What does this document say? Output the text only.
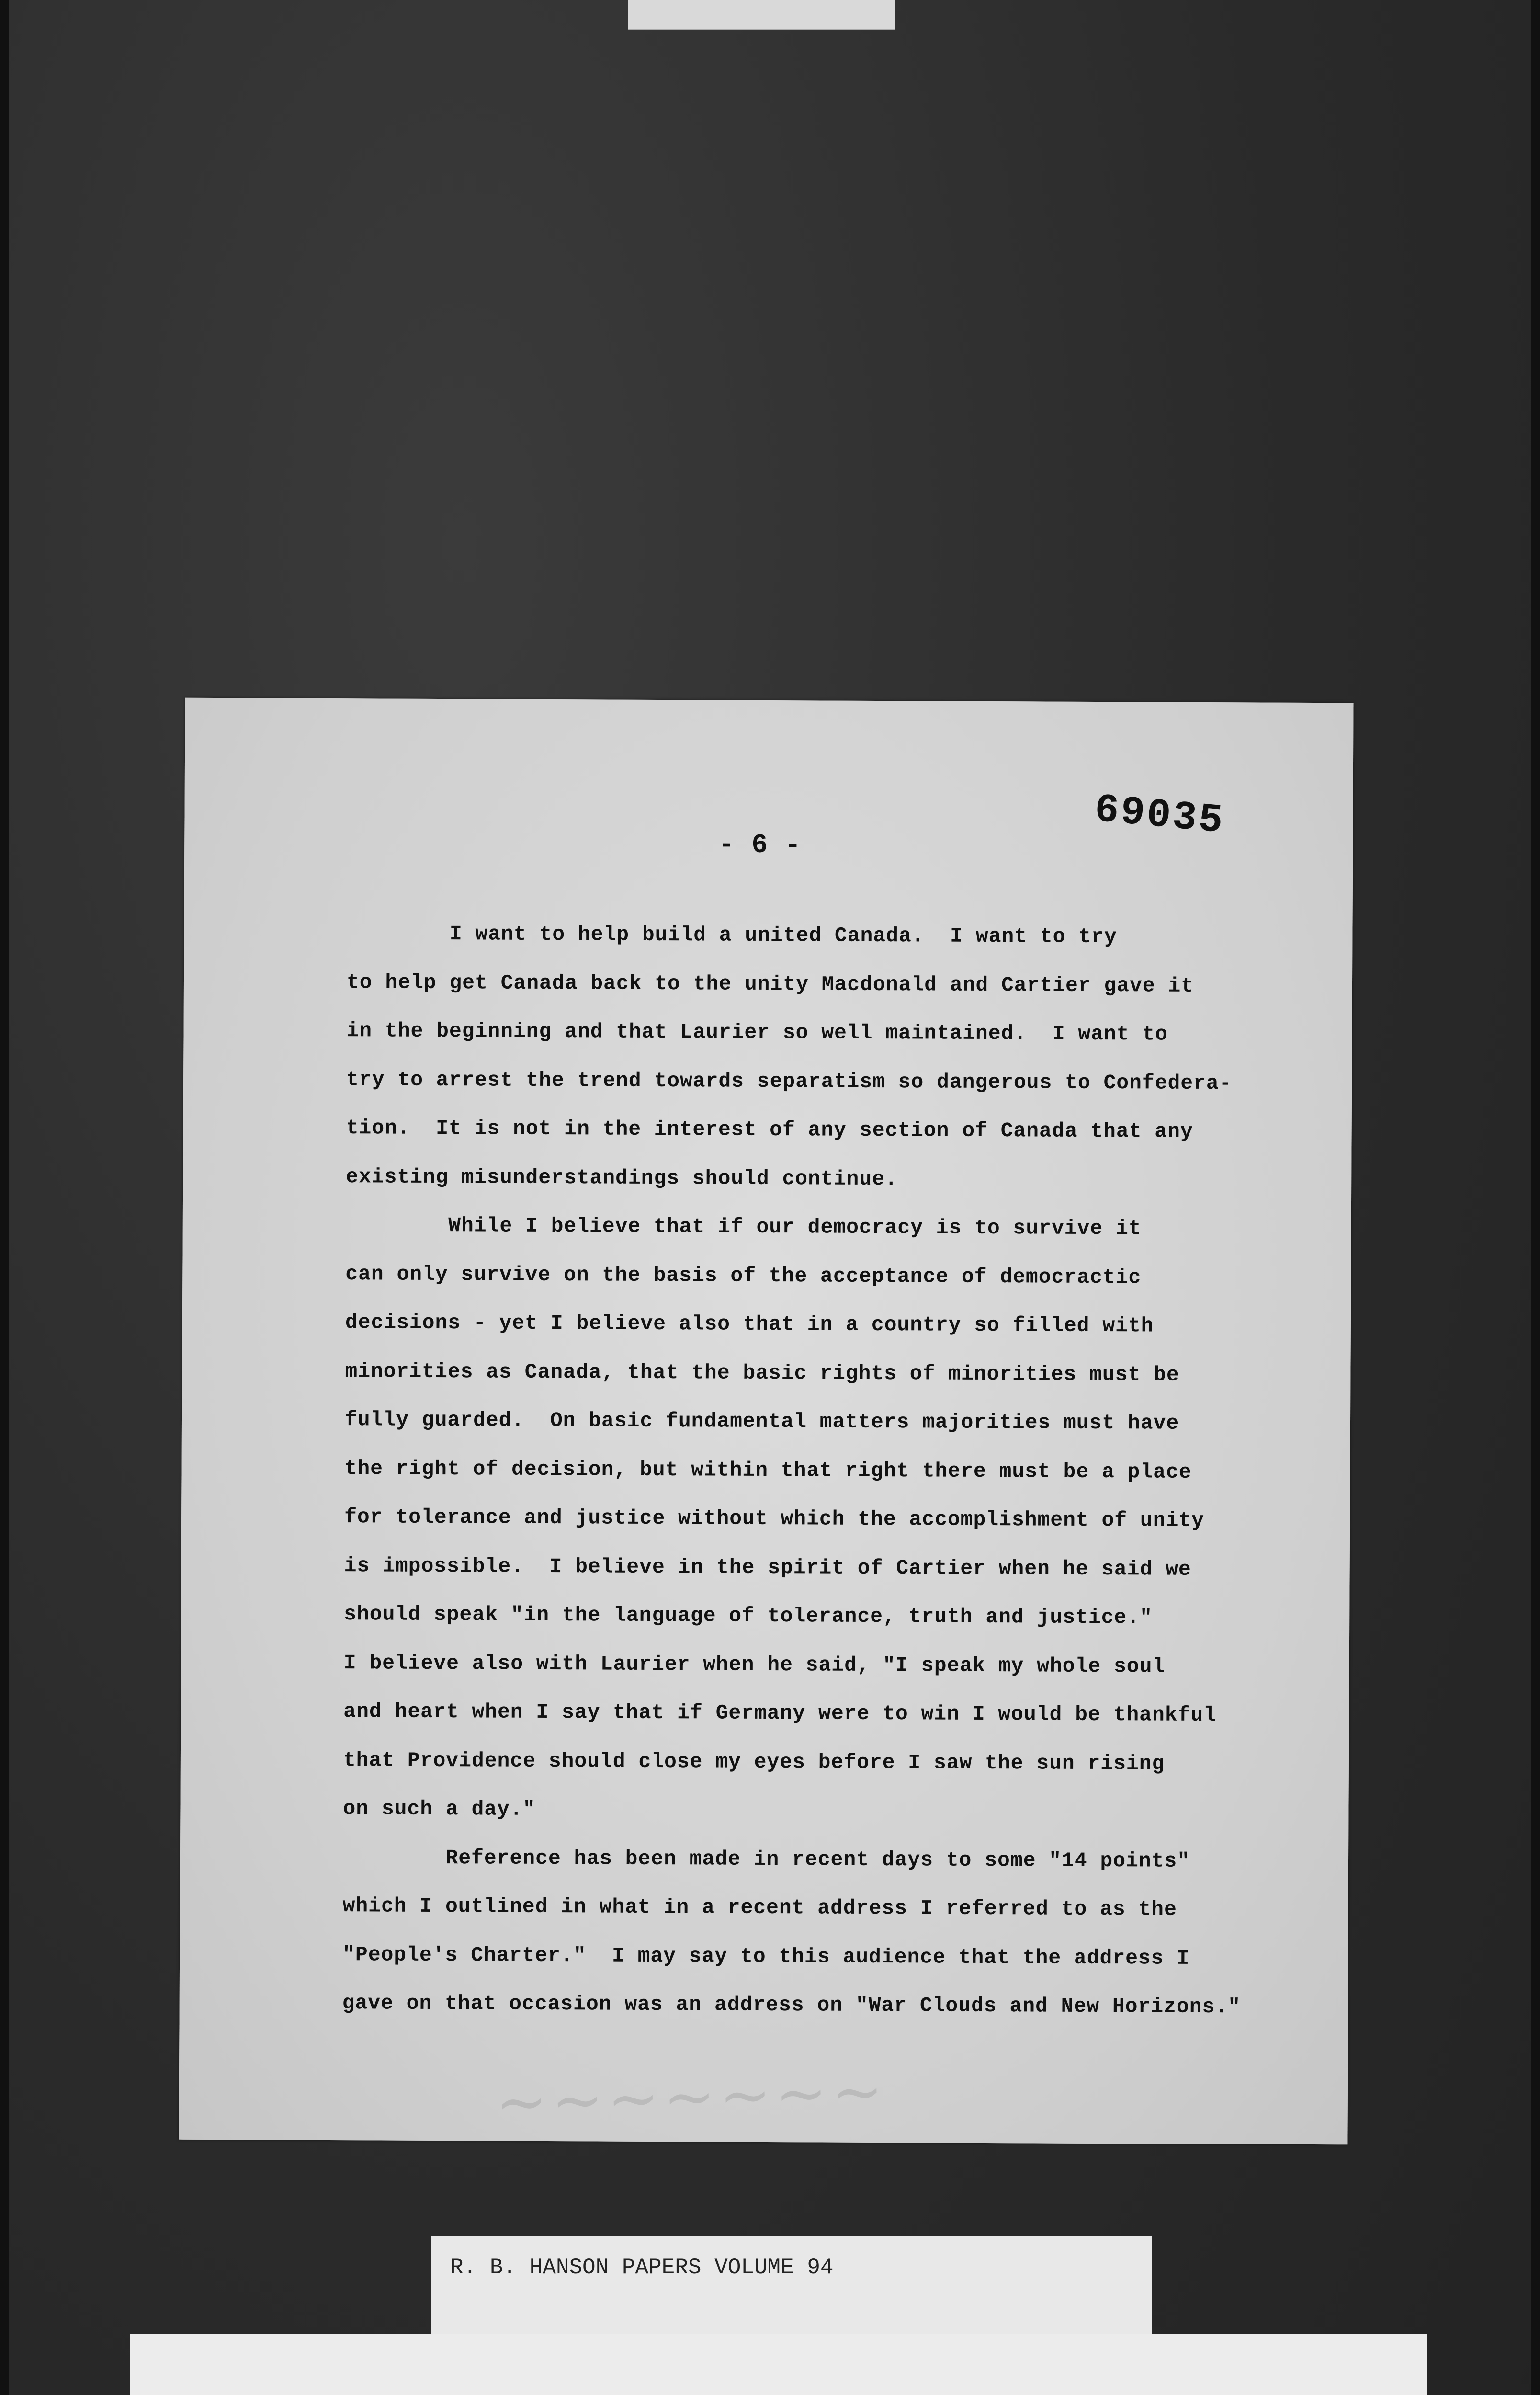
- 6 -
69035
I want to help build a united Canada.  I want to try
to help get Canada back to the unity Macdonald and Cartier gave it
in the beginning and that Laurier so well maintained.  I want to
try to arrest the trend towards separatism so dangerous to Confedera-
tion.  It is not in the interest of any section of Canada that any
existing misunderstandings should continue.
While I believe that if our democracy is to survive it
can only survive on the basis of the acceptance of democractic
decisions - yet I believe also that in a country so filled with
minorities as Canada, that the basic rights of minorities must be
fully guarded.  On basic fundamental matters majorities must have
the right of decision, but within that right there must be a place
for tolerance and justice without which the accomplishment of unity
is impossible.  I believe in the spirit of Cartier when he said we
should speak "in the language of tolerance, truth and justice."
I believe also with Laurier when he said, "I speak my whole soul
and heart when I say that if Germany were to win I would be thankful
that Providence should close my eyes before I saw the sun rising
on such a day."
Reference has been made in recent days to some "14 points"
which I outlined in what in a recent address I referred to as the
"People's Charter."  I may say to this audience that the address I
gave on that occasion was an address on "War Clouds and New Horizons."
~~~~~~~
R. B. HANSON PAPERS VOLUME 94
